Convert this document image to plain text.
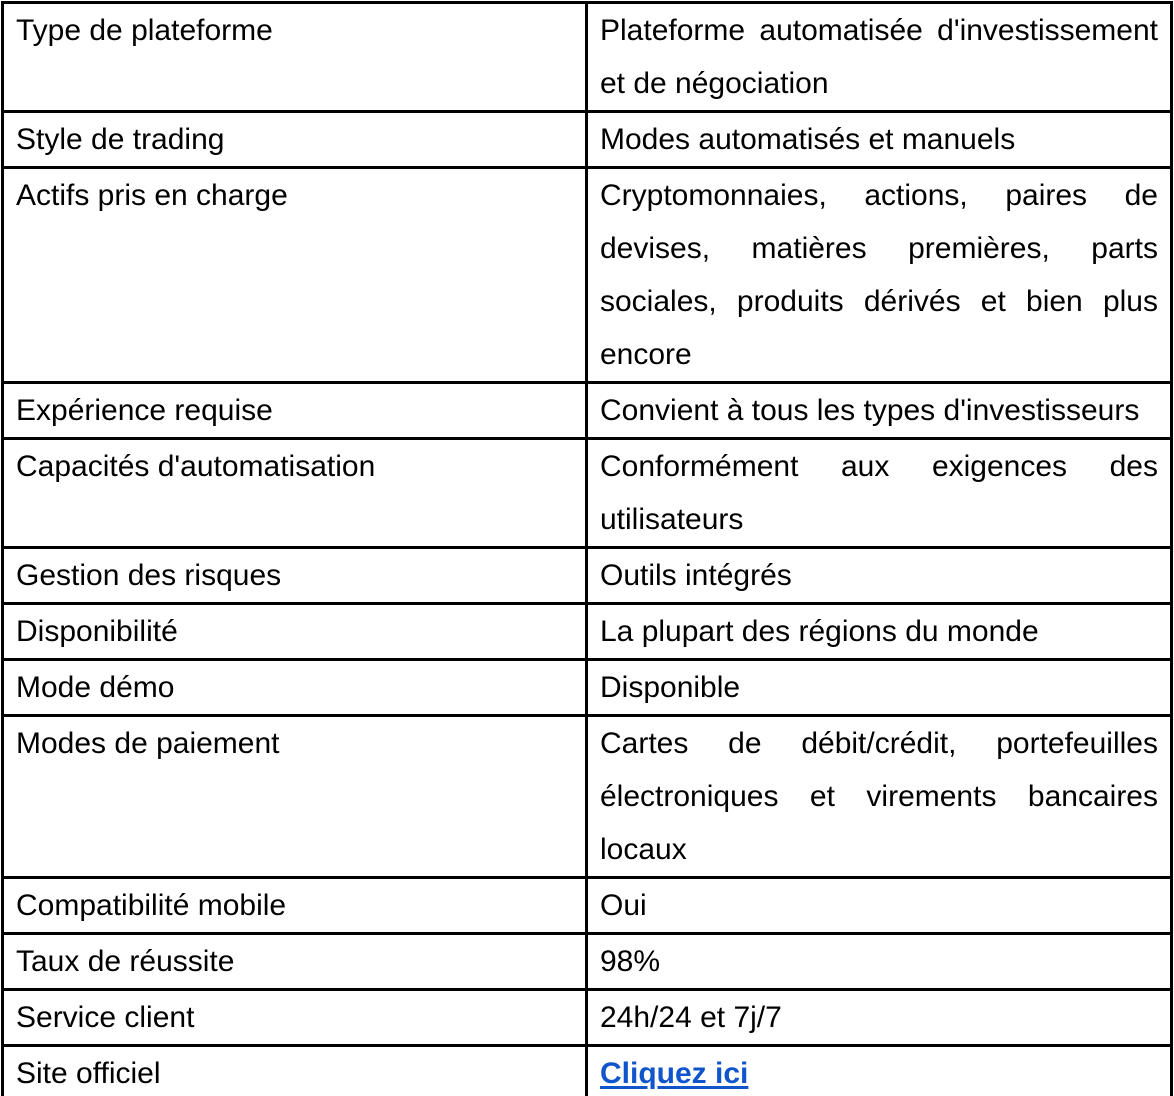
Type de plateforme	Plateforme automatisée d'investissement et de négociation
Style de trading	Modes automatisés et manuels
Actifs pris en charge	Cryptomonnaies, actions, paires de devises, matières premières, parts sociales, produits dérivés et bien plus encore
Expérience requise	Convient à tous les types d'investisseurs
Capacités d'automatisation	Conformément aux exigences des utilisateurs
Gestion des risques	Outils intégrés
Disponibilité	La plupart des régions du monde
Mode démo	Disponible
Modes de paiement	Cartes de débit/crédit, portefeuilles électroniques et virements bancaires locaux
Compatibilité mobile	Oui
Taux de réussite	98%
Service client	24h/24 et 7j/7
Site officiel	Cliquez ici
